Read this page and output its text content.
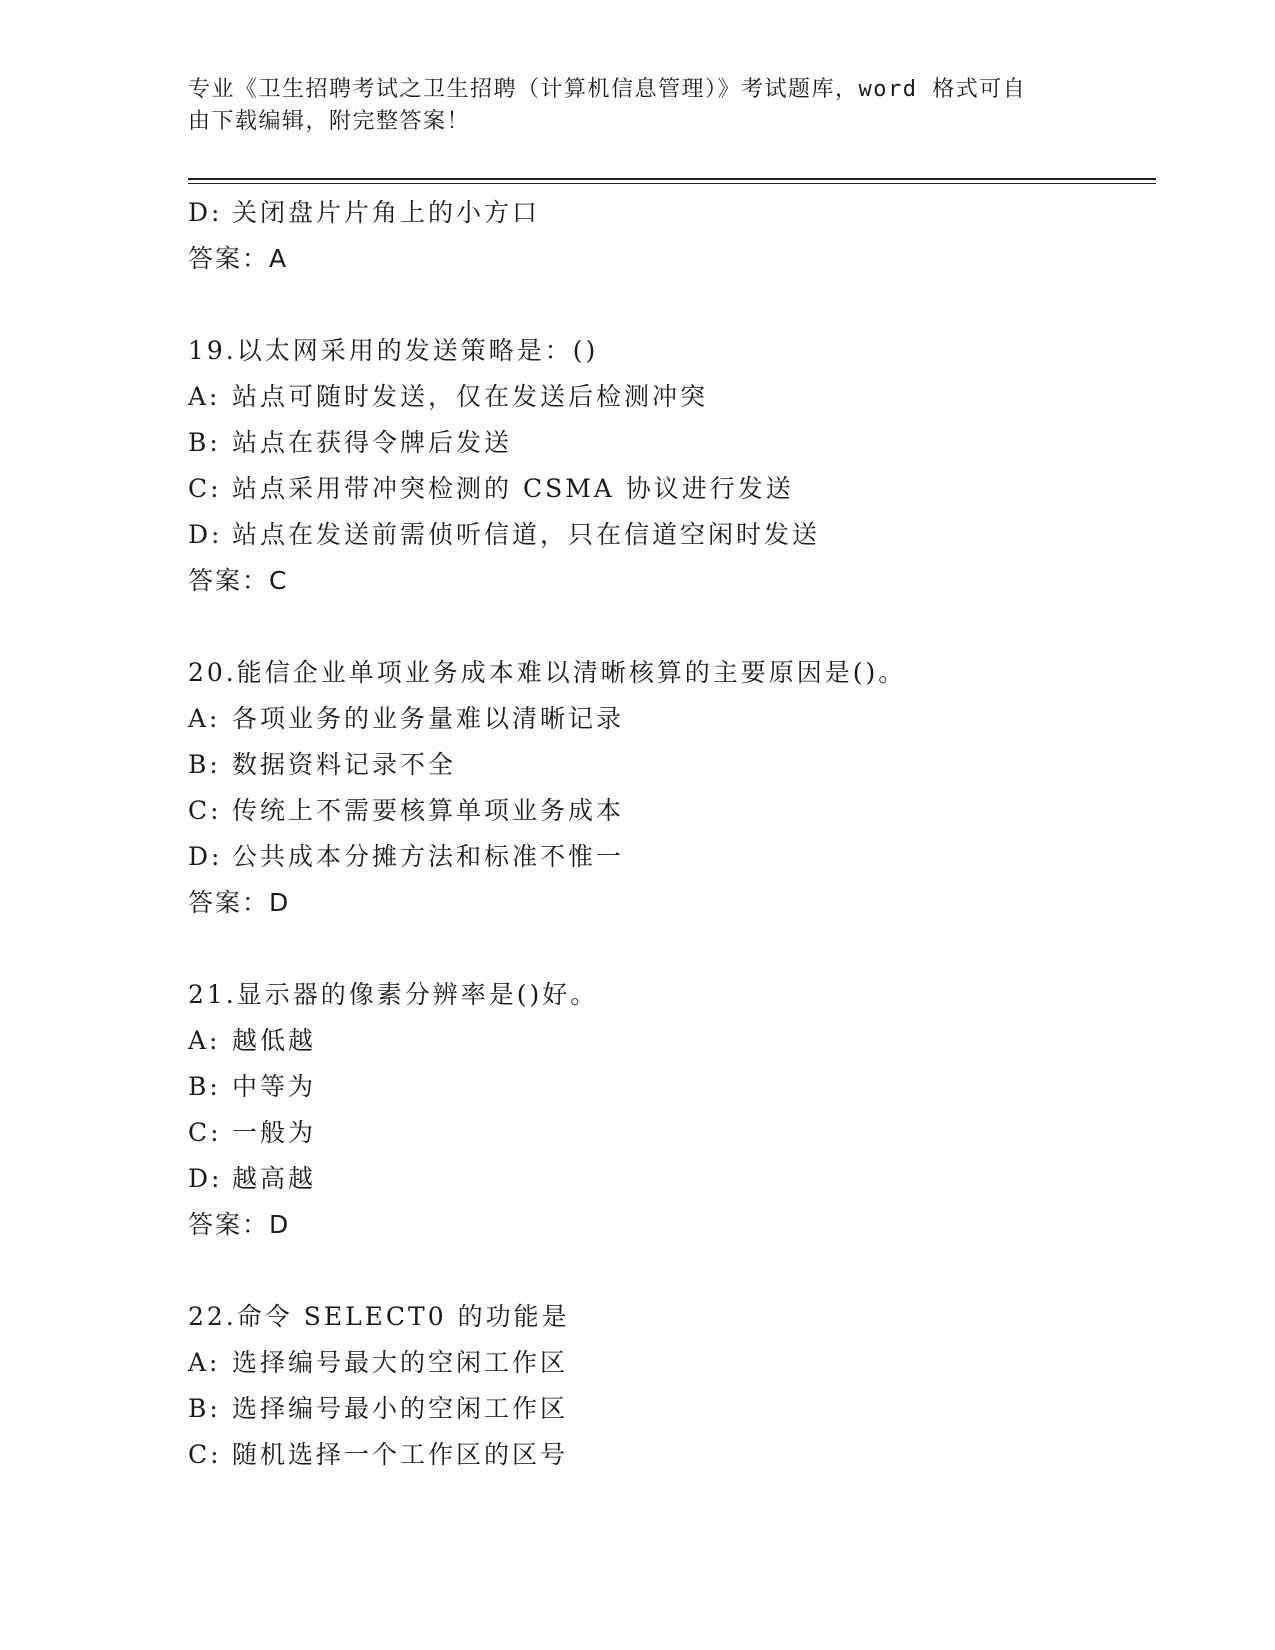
专业《卫生招聘考试之卫生招聘（计算机信息管理）》考试题库，word 格式可自
由下载编辑，附完整答案！
D: 关闭盘片片角上的小方口
答案：A
19.以太网采用的发送策略是：()
A: 站点可随时发送，仅在发送后检测冲突
B: 站点在获得令牌后发送
C: 站点采用带冲突检测的 CSMA 协议进行发送
D: 站点在发送前需侦听信道，只在信道空闲时发送
答案：C
20.能信企业单项业务成本难以清晰核算的主要原因是()。
A: 各项业务的业务量难以清晰记录
B: 数据资料记录不全
C: 传统上不需要核算单项业务成本
D: 公共成本分摊方法和标准不惟一
答案：D
21.显示器的像素分辨率是()好。
A: 越低越
B: 中等为
C: 一般为
D: 越高越
答案：D
22.命令 SELECT0 的功能是
A: 选择编号最大的空闲工作区
B: 选择编号最小的空闲工作区
C: 随机选择一个工作区的区号
